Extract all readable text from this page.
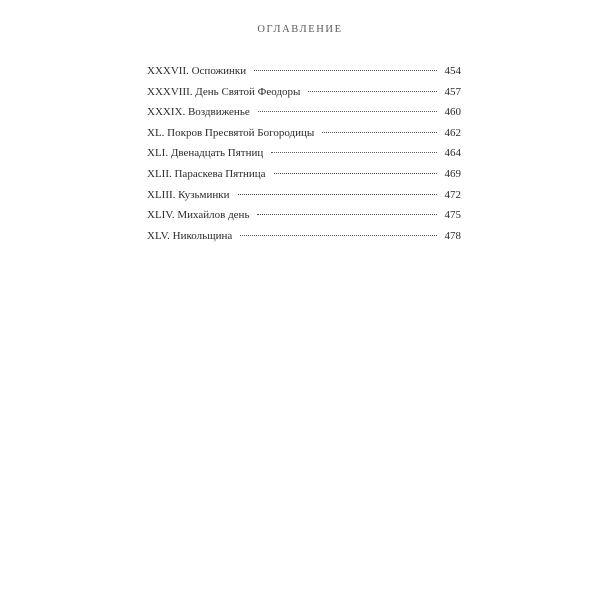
ОГЛАВЛЕНИЕ
XXXVII. Оспожинки	454
XXXVIII. День Святой Феодоры	457
XXXIX. Воздвиженье	460
XL. Покров Пресвятой Богородицы	462
XLI. Двенадцать Пятниц	464
XLII. Параскева Пятница	469
XLIII. Кузьминки	472
XLIV. Михайлов день	475
XLV. Никольщина	478
